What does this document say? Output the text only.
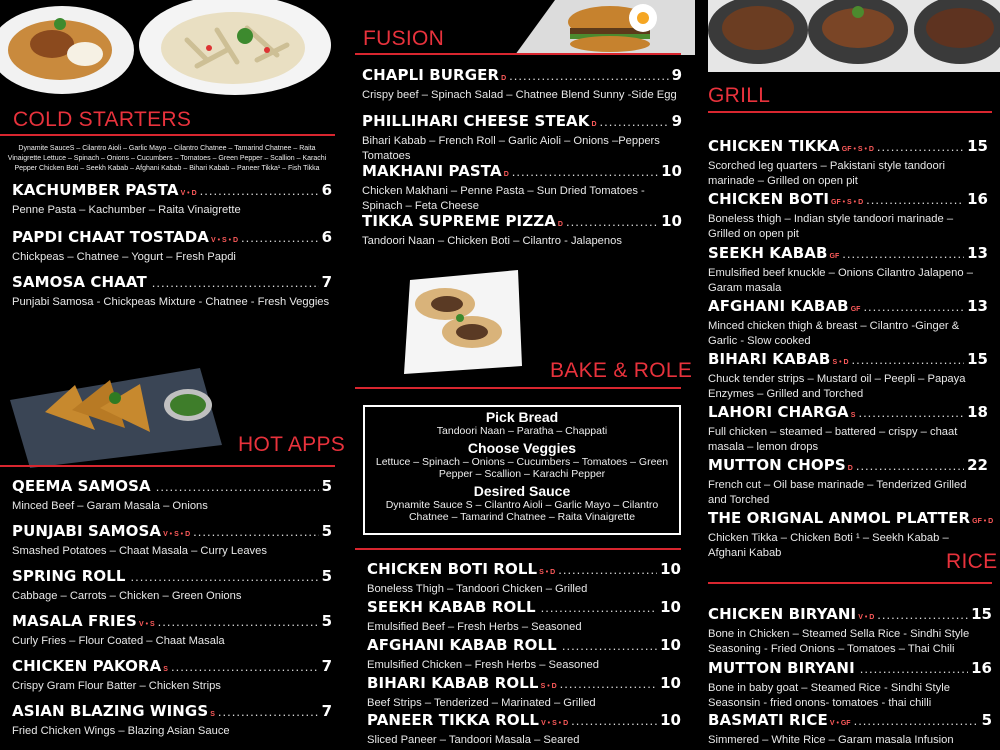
COLD STARTERS
Dynamite SauceS – Cilantro Aioli – Garlic Mayo – Cilantro Chatnee – Tamarind Chatnee – Raita Vinaigrette Lettuce – Spinach – Onions – Cucumbers – Tomatoes – Green Pepper – Scallion – Karachi Pepper Chicken Boti – Seekh Kabab – Afghani Kabab – Bihari Kabab – Paneer Tikka¹ – Fish Tikka
KACHUMBER PASTA V • D .....	6
Penne Pasta – Kachumber – Raita Vinaigrette
PAPDI CHAAT TOSTADA V • S • D .....	6
Chickpeas – Chatnee – Yogurt – Fresh Papdi
SAMOSA CHAAT .....	7
Punjabi Samosa - Chickpeas Mixture - Chatnee - Fresh Veggies
HOT APPS
QEEMA SAMOSA .....	5
Minced Beef – Garam Masala – Onions
PUNJABI SAMOSA V • S • D .....	5
Smashed Potatoes – Chaat Masala – Curry Leaves
SPRING ROLL .....	5
Cabbage – Carrots – Chicken – Green Onions
MASALA FRIES V • S .....	5
Curly Fries – Flour Coated – Chaat Masala
CHICKEN PAKORA S .....	7
Crispy Gram Flour Batter – Chicken Strips
ASIAN BLAZING WINGS S .....	7
Fried Chicken Wings – Blazing Asian Sauce
FUSION
CHAPLI BURGER D .....	9
Crispy beef – Spinach Salad – Chatnee Blend Sunny -Side Egg
PHILLIHARI CHEESE STEAK D .....	9
Bihari Kabab – French Roll – Garlic Aioli – Onions –Peppers Tomatoes
MAKHANI PASTA D .....	10
Chicken Makhani – Penne Pasta – Sun Dried Tomatoes - Spinach – Feta Cheese
TIKKA SUPREME PIZZA D .....	10
Tandoori Naan – Chicken Boti – Cilantro - Jalapenos
BAKE & ROLE
Pick Bread

Tandoori Naan – Paratha – Chappati

Choose Veggies

Lettuce – Spinach – Onions – Cucumbers – Tomatoes – Green Pepper – Scallion – Karachi Pepper

Desired Sauce

Dynamite Sauce S – Cilantro Aioli – Garlic Mayo – Cilantro Chatnee – Tamarind Chatnee – Raita Vinaigrette

CHICKEN BOTI ROLL S • D .....	10
Boneless Thigh – Tandoori Chicken – Grilled
SEEKH KABAB ROLL .....	10
Emulsified Beef – Fresh Herbs – Seasoned
AFGHANI KABAB ROLL .....	10
Emulsified Chicken – Fresh Herbs – Seasoned
BIHARI KABAB ROLL S • D .....	10
Beef Strips – Tenderized – Marinated – Grilled
PANEER TIKKA ROLL V • S • D .....	10
Sliced Paneer – Tandoori Masala – Seared
GRILL
CHICKEN TIKKA GF • S • D .....	15
Scorched leg quarters – Pakistani style tandoori marinade – Grilled on open pit
CHICKEN BOTI GF • S • D .....	16
Boneless thigh – Indian style tandoori marinade – Grilled on open pit
SEEKH KABAB GF .....	13
Emulsified beef knuckle – Onions Cilantro Jalapeno – Garam masala
AFGHANI KABAB GF .....	13
Minced chicken thigh & breast – Cilantro -Ginger & Garlic - Slow cooked
BIHARI KABAB S • D .....	15
Chuck tender strips – Mustard oil – Peepli – Papaya Enzymes – Grilled and Torched
LAHORI CHARGA S .....	18
Full chicken – steamed – battered – crispy – chaat masala – lemon drops
MUTTON CHOPS D .....	22
French cut – Oil base marinade – Tenderized Grilled and Torched
THE ORIGNAL ANMOL PLATTER GF • D
Chicken Tikka – Chicken Boti ¹ – Seekh Kabab – Afghani Kabab	RICE
CHICKEN BIRYANI V • D .....	15
Bone in Chicken – Steamed Sella Rice - Sindhi Style Seasoning - Fried Onions – Tomatoes – Thai Chili
MUTTON BIRYANI .....	16
Bone in baby goat – Steamed Rice - Sindhi Style Seasonsin - fried onons- tomatoes - thai chilli
BASMATI RICE V • GF .....	5
Simmered – White Rice – Garam masala Infusion
